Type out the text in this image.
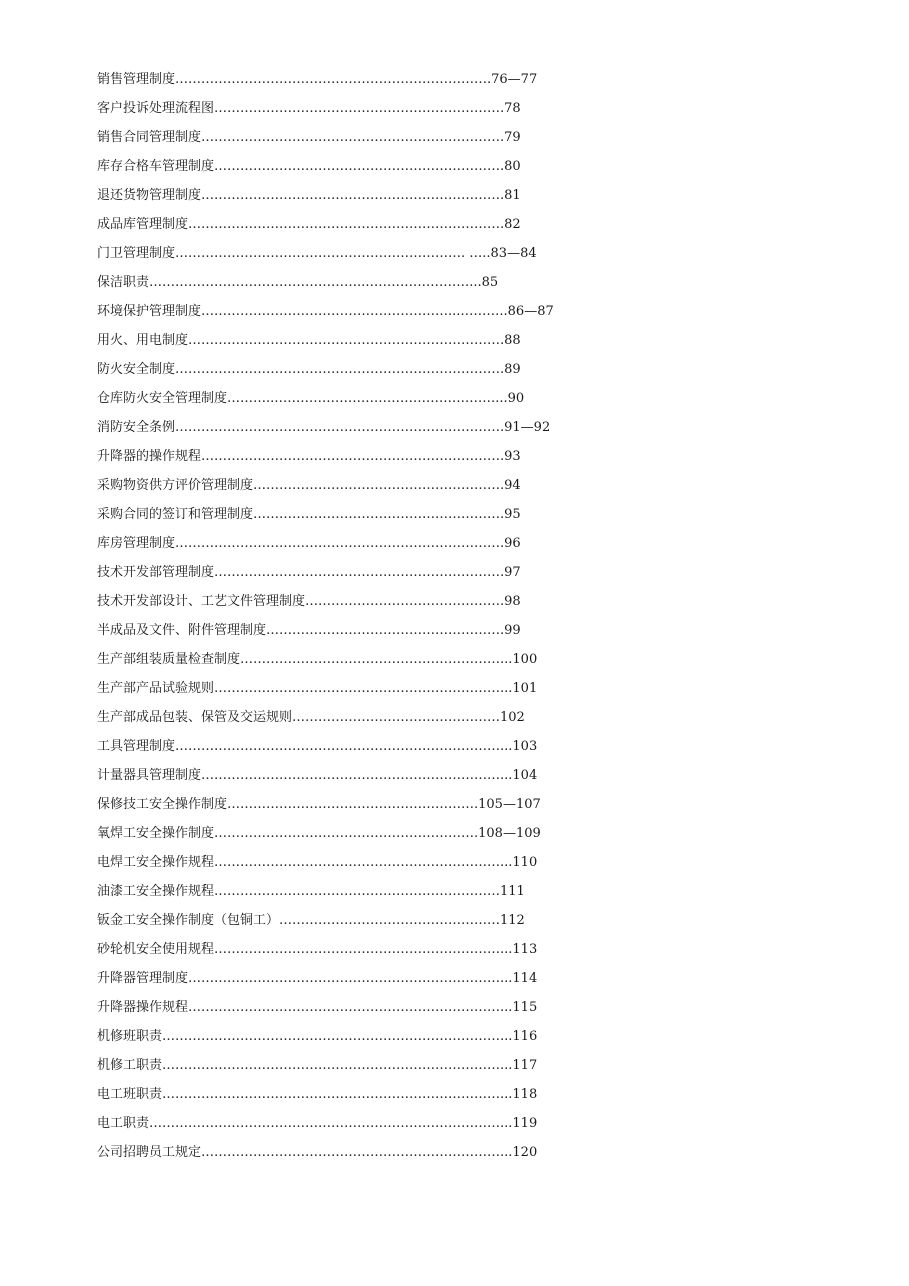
销售管理制度……………………………………………………………….76—77
客户投诉处理流程图………………………………………………………….78
销售合同管理制度…………………………………………………………….79
库存合格车管理制度………………………………………………………….80
退还货物管理制度…………………………………………………………….81
成品库管理制度……………………………………………………………….82
门卫管理制度…………………………………………………………. …..83—84
保洁职责…………………………………………..……………………...85
环境保护管理制度…………………………………………………...………..86—87
用火、用电制度……………………………………………………………….88
防火安全制度………………………………………………………………….89
仓库防火安全管理制度………..……………………………………………...90
消防安全条例………………………………………………………………….91—92
升降器的操作规程…………………………………………………………….93
采购物资供方评价管理制度………………………………………………….94
采购合同的签订和管理制度………………………………………………….95
库房管理制度………………………………………………………………….96
技术开发部管理制度………………………………………………………….97
技术开发部设计、工艺文件管理制度……………………………………….98
半成品及文件、附件管理制度……………………………………………….99
生产部组装质量检查制度……………………………………………………...100
生产部产品试验规则…………………………………………………………...101
生产部成品包装、保管及交运规则…………………………………………102
工具管理制度…………………………………………………………………...103
计量器具管理制度……………………………………………………………...104
保修技工安全操作制度………………………………………………….105—107
氧焊工安全操作制度…………………………………………………….108—109
电焊工安全操作规程…………………………………………………………...110
油漆工安全操作规程…………………………………………………………111
钣金工安全操作制度（包铜工）……………………………………………112
砂轮机安全使用规程…………………………………………………………...113
升降器管理制度………………………………………………………………...114
升降器操作规程………………………………………………………………...115
机修班职责……………………………………………………………………...116
机修工职责……………………………………………………………………...117
电工班职责……………………………………………………………………...118
电工职责………………………………………………………………………...119
公司招聘员工规定……………………………………………………………...120
